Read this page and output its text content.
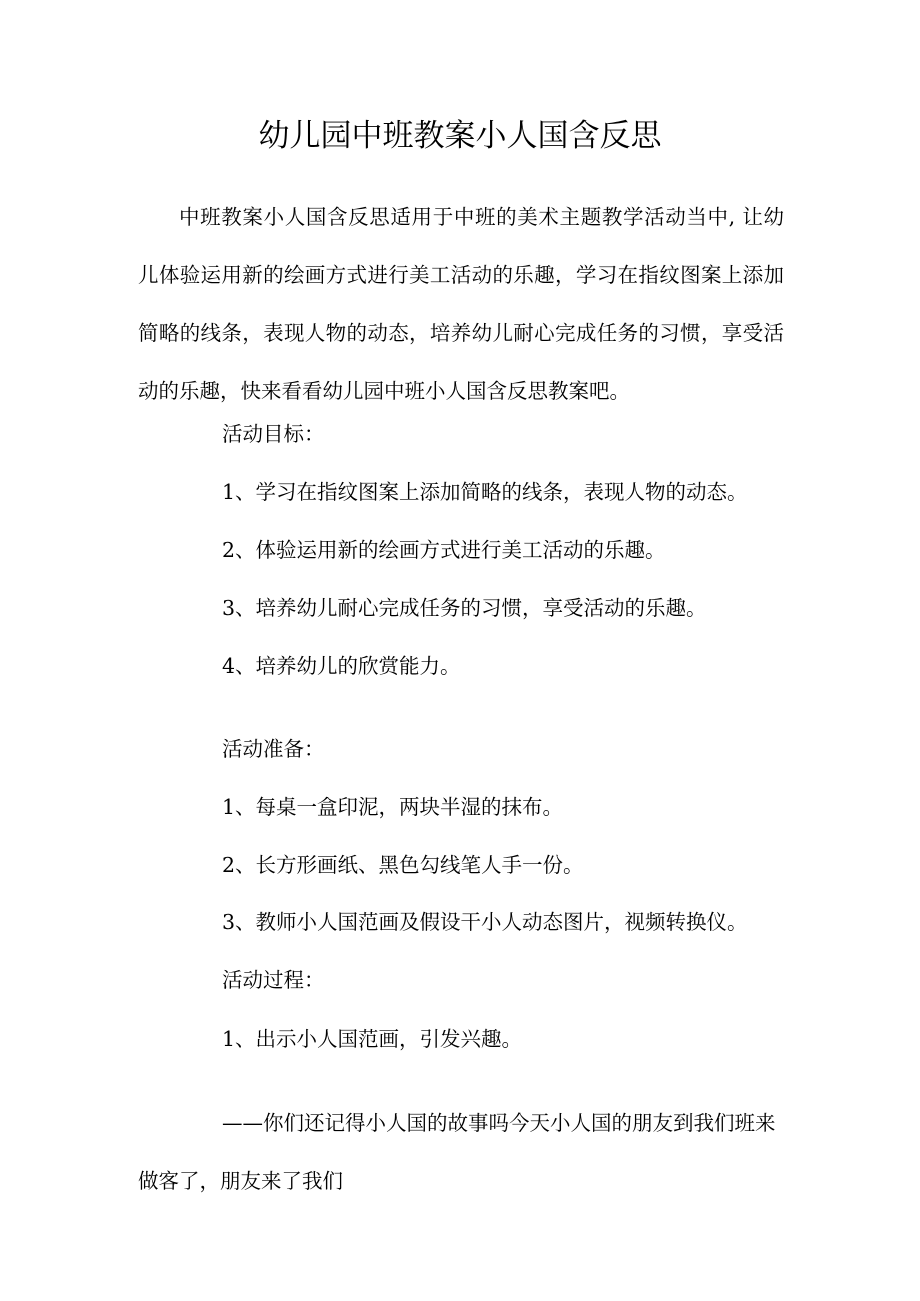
幼儿园中班教案小人国含反思

中班教案小人国含反思适用于中班的美术主题教学活动当中, 让幼儿体验运用新的绘画方式进行美工活动的乐趣，学习在指纹图案上添加简略的线条，表现人物的动态，培养幼儿耐心完成任务的习惯，享受活动的乐趣，快来看看幼儿园中班小人国含反思教案吧。

活动目标：

1、学习在指纹图案上添加简略的线条，表现人物的动态。

2、体验运用新的绘画方式进行美工活动的乐趣。

3、培养幼儿耐心完成任务的习惯，享受活动的乐趣。

4、培养幼儿的欣赏能力。

活动准备：

1、每桌一盒印泥，两块半湿的抹布。

2、长方形画纸、黑色勾线笔人手一份。

3、教师小人国范画及假设干小人动态图片，视频转换仪。

活动过程：

1、出示小人国范画，引发兴趣。

——你们还记得小人国的故事吗今天小人国的朋友到我们班来做客了，朋友来了我们
